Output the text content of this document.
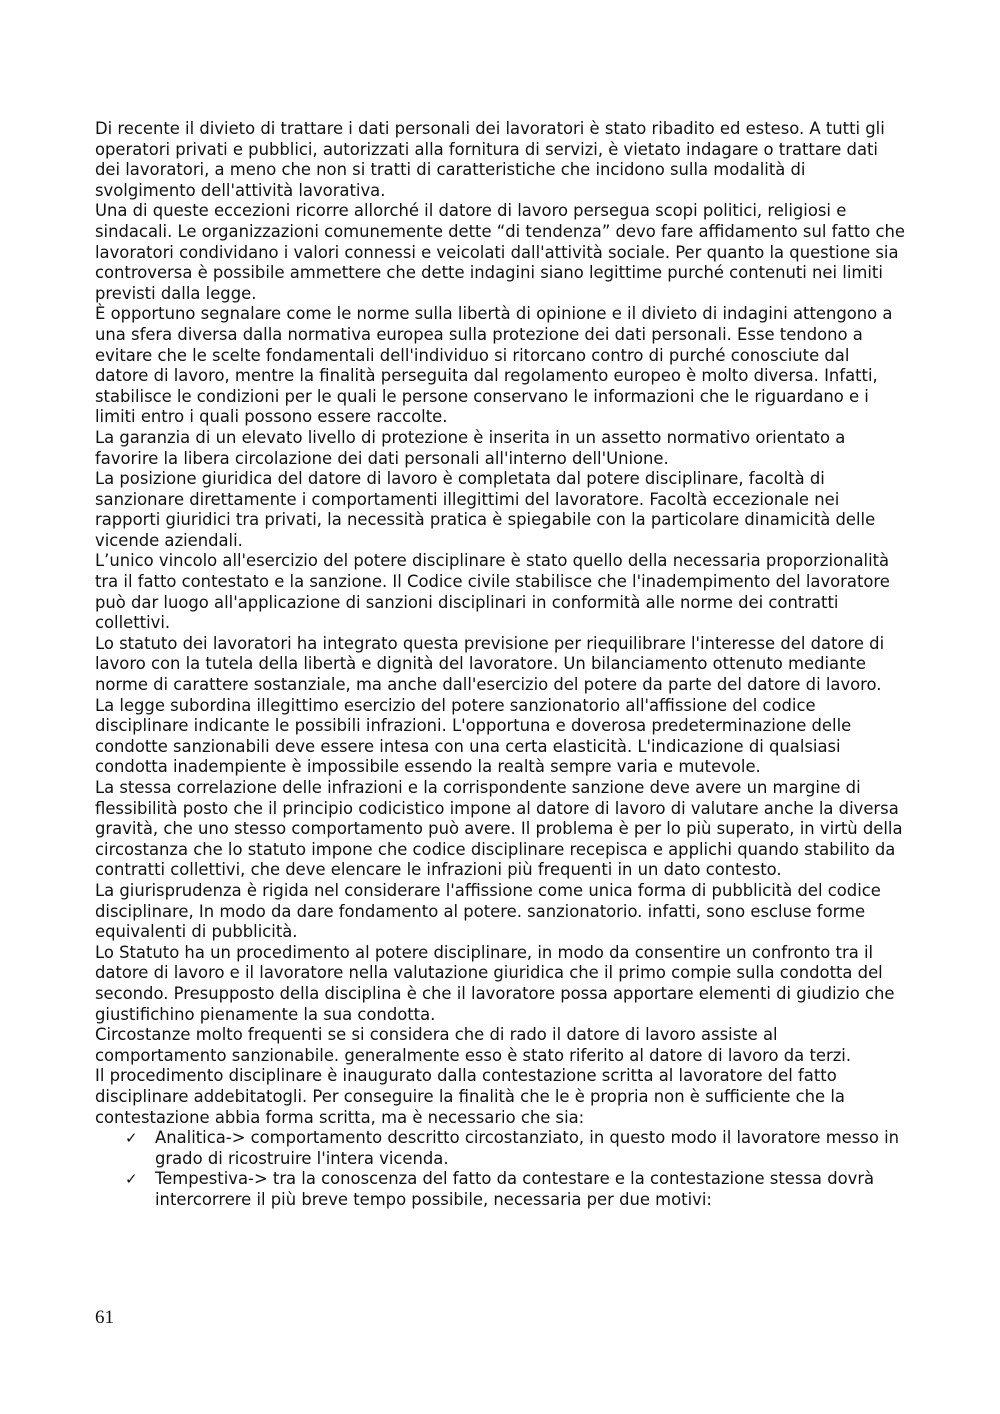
Di recente il divieto di trattare i dati personali dei lavoratori è stato ribadito ed esteso. A tutti gli operatori privati e pubblici, autorizzati alla fornitura di servizi, è vietato indagare o trattare dati dei lavoratori, a meno che non si tratti di caratteristiche che incidono sulla modalità di svolgimento dell'attività lavorativa.

Una di queste eccezioni ricorre allorché il datore di lavoro persegua scopi politici, religiosi e sindacali. Le organizzazioni comunemente dette “di tendenza” devo fare affidamento sul fatto che lavoratori condividano i valori connessi e veicolati dall'attività sociale. Per quanto la questione sia controversa è possibile ammettere che dette indagini siano legittime purché contenuti nei limiti previsti dalla legge.

È opportuno segnalare come le norme sulla libertà di opinione e il divieto di indagini attengono a una sfera diversa dalla normativa europea sulla protezione dei dati personali. Esse tendono a evitare che le scelte fondamentali dell'individuo si ritorcano contro di purché conosciute dal datore di lavoro, mentre la finalità perseguita dal regolamento europeo è molto diversa. Infatti, stabilisce le condizioni per le quali le persone conservano le informazioni che le riguardano e i limiti entro i quali possono essere raccolte.

La garanzia di un elevato livello di protezione è inserita in un assetto normativo orientato a favorire la libera circolazione dei dati personali all'interno dell'Unione.

La posizione giuridica del datore di lavoro è completata dal potere disciplinare, facoltà di sanzionare direttamente i comportamenti illegittimi del lavoratore. Facoltà eccezionale nei rapporti giuridici tra privati, la necessità pratica è spiegabile con la particolare dinamicità delle vicende aziendali.

L’unico vincolo all'esercizio del potere disciplinare è stato quello della necessaria proporzionalità tra il fatto contestato e la sanzione. Il Codice civile stabilisce che l'inadempimento del lavoratore può dar luogo all'applicazione di sanzioni disciplinari in conformità alle norme dei contratti collettivi.

Lo statuto dei lavoratori ha integrato questa previsione per riequilibrare l'interesse del datore di lavoro con la tutela della libertà e dignità del lavoratore. Un bilanciamento ottenuto mediante norme di carattere sostanziale, ma anche dall'esercizio del potere da parte del datore di lavoro.

La legge subordina illegittimo esercizio del potere sanzionatorio all'affissione del codice disciplinare indicante le possibili infrazioni. L'opportuna e doverosa predeterminazione delle condotte sanzionabili deve essere intesa con una certa elasticità. L'indicazione di qualsiasi condotta inadempiente è impossibile essendo la realtà sempre varia e mutevole.

La stessa correlazione delle infrazioni e la corrispondente sanzione deve avere un margine di flessibilità posto che il principio codicistico impone al datore di lavoro di valutare anche la diversa gravità, che uno stesso comportamento può avere. Il problema è per lo più superato, in virtù della circostanza che lo statuto impone che codice disciplinare recepisca e applichi quando stabilito da contratti collettivi, che deve elencare le infrazioni più frequenti in un dato contesto.

La giurisprudenza è rigida nel considerare l'affissione come unica forma di pubblicità del codice disciplinare, In modo da dare fondamento al potere. sanzionatorio. infatti, sono escluse forme equivalenti di pubblicità.

Lo Statuto ha un procedimento al potere disciplinare, in modo da consentire un confronto tra il datore di lavoro e il lavoratore nella valutazione giuridica che il primo compie sulla condotta del secondo. Presupposto della disciplina è che il lavoratore possa apportare elementi di giudizio che giustifichino pienamente la sua condotta.

Circostanze molto frequenti se si considera che di rado il datore di lavoro assiste al comportamento sanzionabile. generalmente esso è stato riferito al datore di lavoro da terzi.

Il procedimento disciplinare è inaugurato dalla contestazione scritta al lavoratore del fatto disciplinare addebitatogli. Per conseguire la finalità che le è propria non è sufficiente che la contestazione abbia forma scritta, ma è necessario che sia:

✓ Analitica-> comportamento descritto circostanziato, in questo modo il lavoratore messo in grado di ricostruire l'intera vicenda.
✓ Tempestiva-> tra la conoscenza del fatto da contestare e la contestazione stessa dovrà intercorrere il più breve tempo possibile, necessaria per due motivi:
61
